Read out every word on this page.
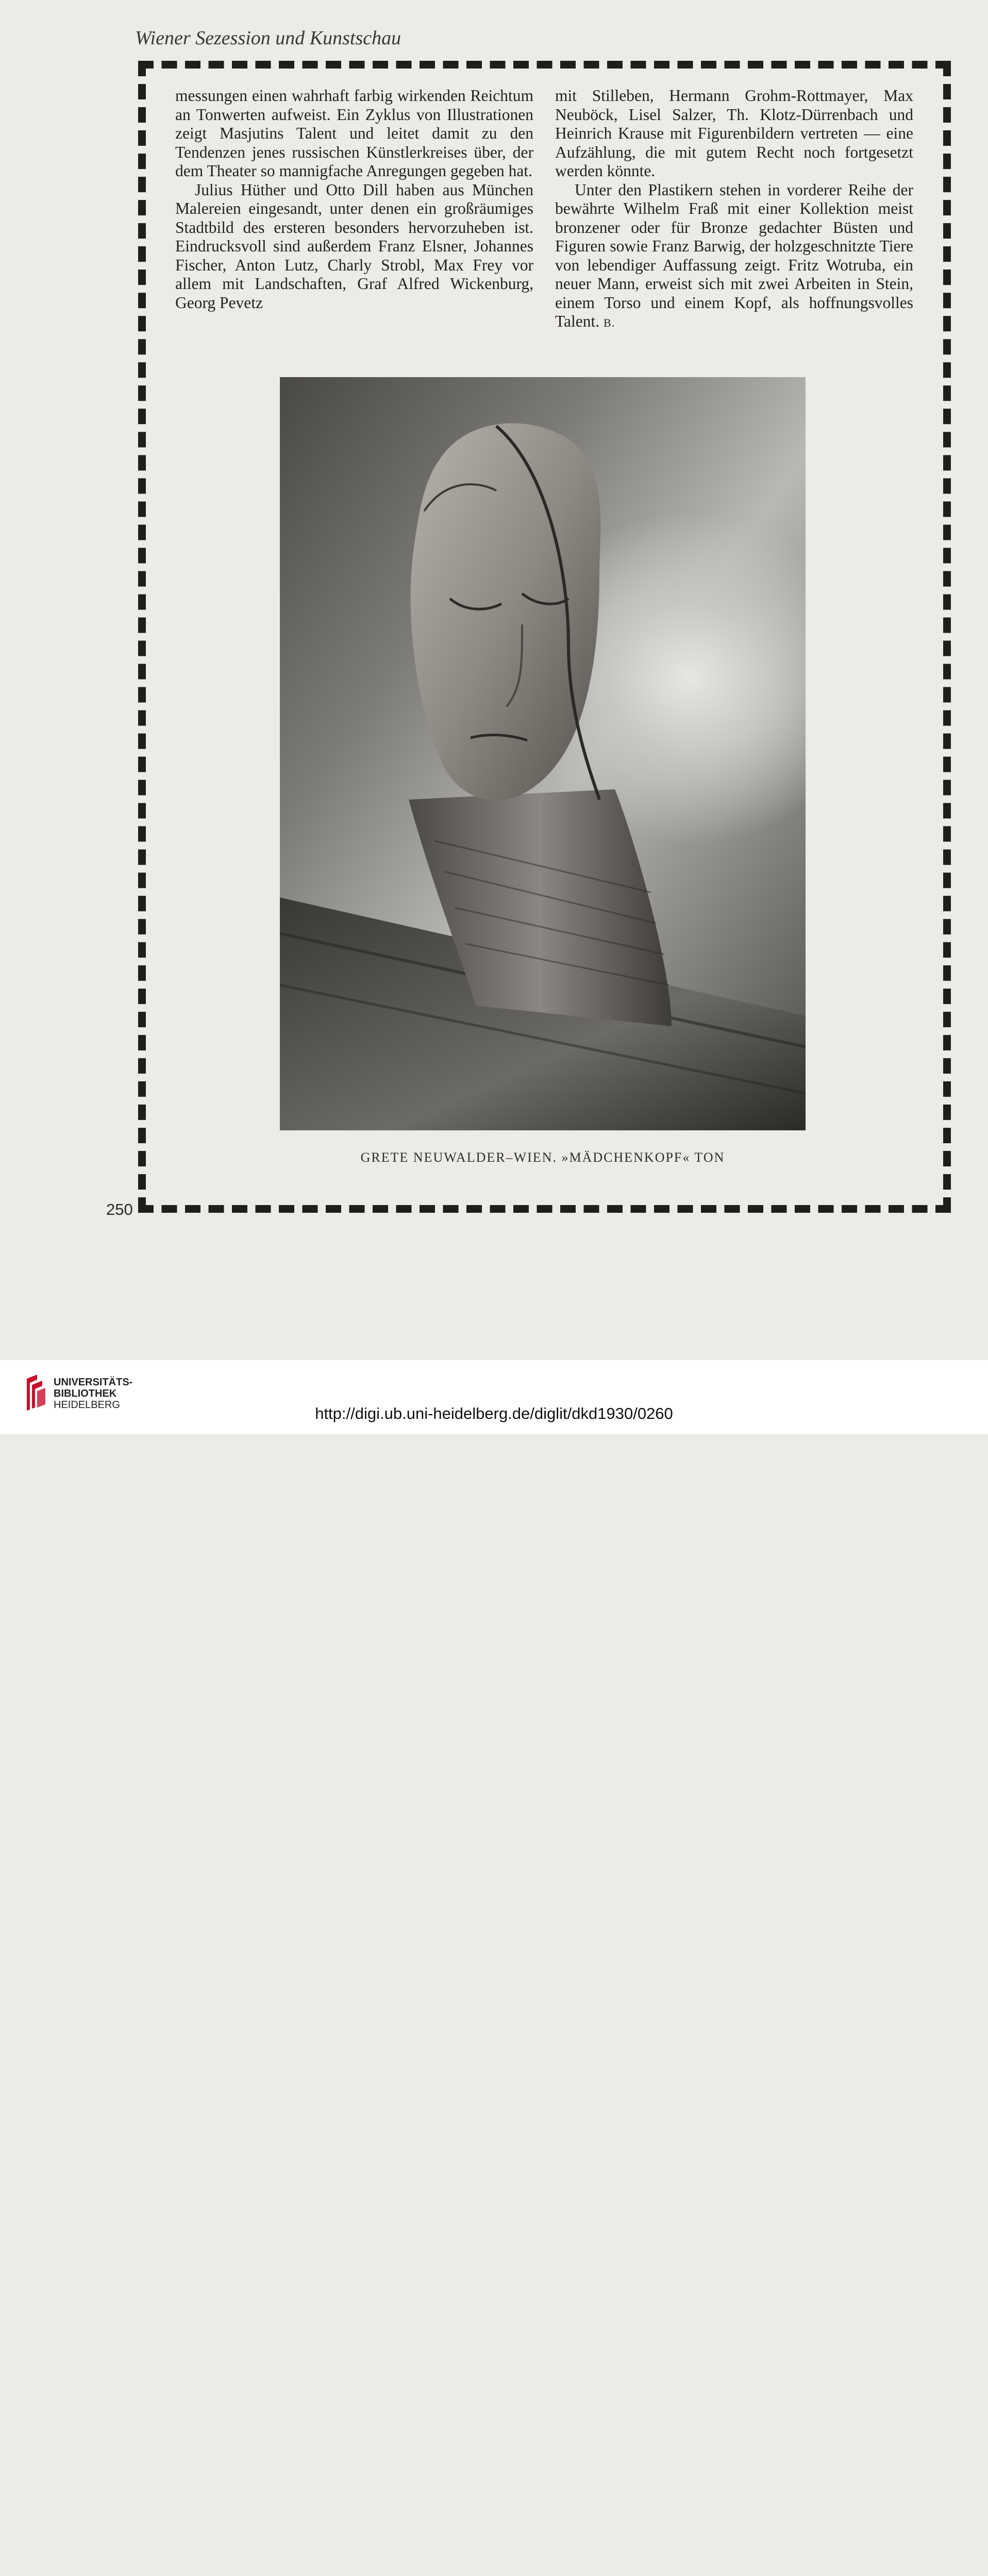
Wiener Sezession und Kunstschau

messungen einen wahrhaft farbig wirkenden Reichtum an Tonwerten aufweist. Ein Zyklus von Illustrationen zeigt Masjutins Talent und leitet damit zu den Tendenzen jenes russischen Künstlerkreises über, der dem Theater so mannigfache Anregungen gegeben hat.

Julius Hüther und Otto Dill haben aus München Malereien eingesandt, unter denen ein großräumiges Stadtbild des ersteren besonders hervorzuheben ist. Eindrucksvoll sind außerdem Franz Elsner, Johannes Fischer, Anton Lutz, Charly Strobl, Max Frey vor allem mit Landschaften, Graf Alfred Wickenburg, Georg Pevetz

mit Stilleben, Hermann Grohm-Rottmayer, Max Neuböck, Lisel Salzer, Th. Klotz-Dürrenbach und Heinrich Krause mit Figurenbildern vertreten — eine Aufzählung, die mit gutem Recht noch fortgesetzt werden könnte.

Unter den Plastikern stehen in vorderer Reihe der bewährte Wilhelm Fraß mit einer Kollektion meist bronzener oder für Bronze gedachter Büsten und Figuren sowie Franz Barwig, der holzgeschnitzte Tiere von lebendiger Auffassung zeigt. Fritz Wotruba, ein neuer Mann, erweist sich mit zwei Arbeiten in Stein, einem Torso und einem Kopf, als hoffnungsvolles Talent. B.

GRETE NEUWALDER–WIEN. »MÄDCHENKOPF« TON
250
UNIVERSITÄTS-
BIBLIOTHEK
HEIDELBERG	http://digi.ub.uni-heidelberg.de/diglit/dkd1930/0260
